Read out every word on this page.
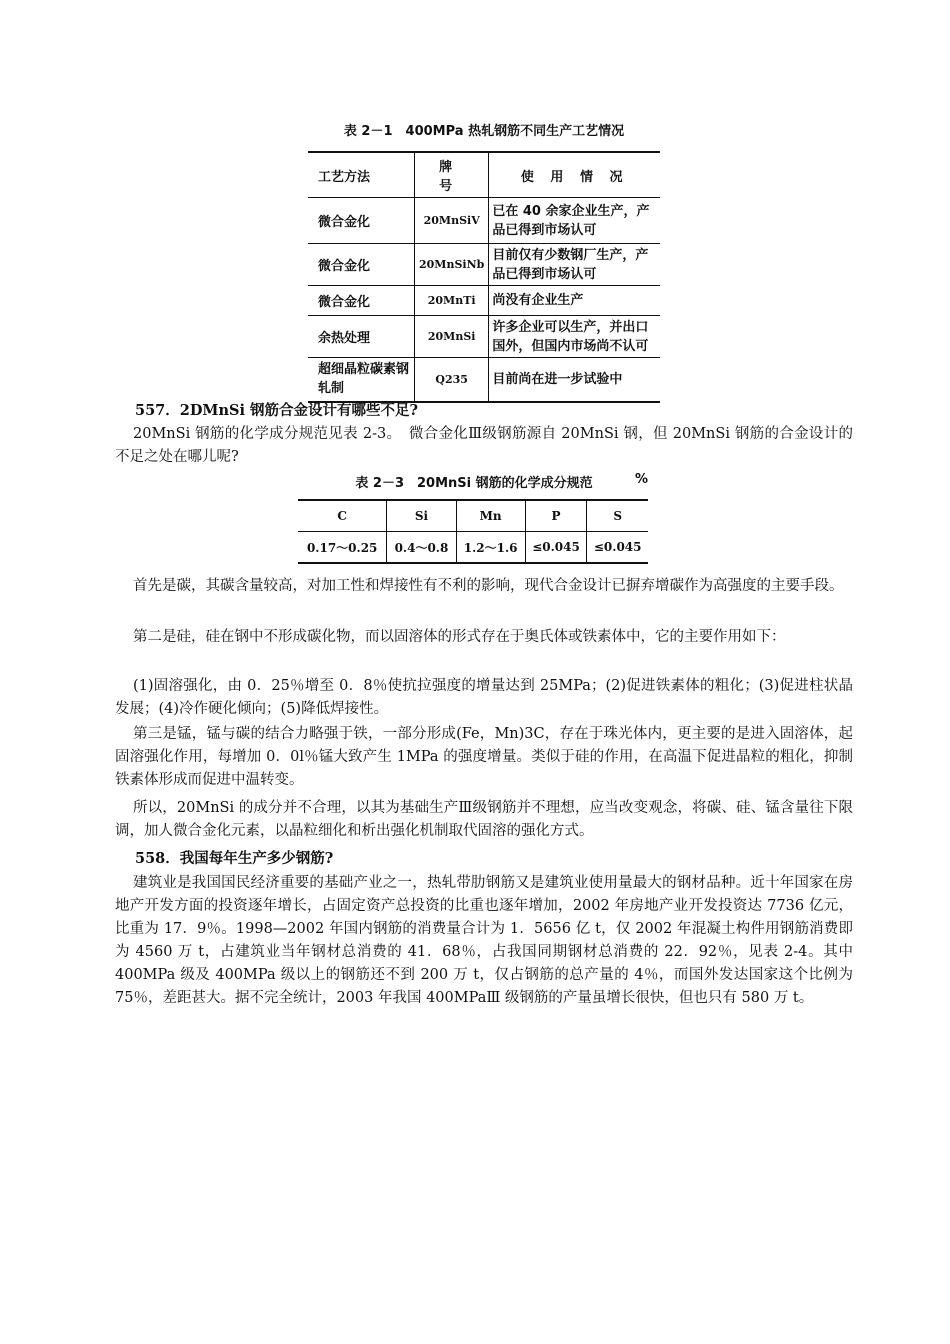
表 2－1　400MPa 热轧钢筋不同生产工艺情况
工艺方法	牌　号	使 用 情 况
微合金化	20MnSiV	已在 40 余家企业生产，产品已得到市场认可
微合金化	20MnSiNb	目前仅有少数钢厂生产，产品已得到市场认可
微合金化	20MnTi	尚没有企业生产
余热处理	20MnSi	许多企业可以生产，并出口国外，但国内市场尚不认可
超细晶粒碳素钢轧制	Q235	目前尚在进一步试验中
557．2DMnSi 钢筋合金设计有哪些不足?
20MnSi 钢筋的化学成分规范见表 2-3。　微合金化Ⅲ级钢筋源自 20MnSi 钢，但 20MnSi 钢筋的合金设计的不足之处在哪儿呢?
表 2－3　20MnSi 钢筋的化学成分规范	%
C	Si	Mn	P	S
0.17～0.25	0.4～0.8	1.2～1.6	≤0.045	≤0.045
首先是碳，其碳含量较高，对加工性和焊接性有不利的影响，现代合金设计已摒弃增碳作为高强度的主要手段。
第二是硅，硅在钢中不形成碳化物，而以固溶体的形式存在于奥氏体或铁素体中，它的主要作用如下：
(1)固溶强化，由 0．25％增至 0．8％使抗拉强度的增量达到 25MPa；(2)促进铁素体的粗化；(3)促进柱状晶发展；(4)冷作硬化倾向；(5)降低焊接性。
第三是锰，锰与碳的结合力略强于铁，一部分形成(Fe，Mn)3C，存在于珠光体内，更主要的是进入固溶体，起固溶强化作用，每增加 0．0l％锰大致产生 1MPa 的强度增量。类似于硅的作用，在高温下促进晶粒的粗化，抑制铁素体形成而促进中温转变。
所以，20MnSi 的成分并不合理，以其为基础生产Ⅲ级钢筋并不理想，应当改变观念，将碳、硅、锰含量往下限调，加人微合金化元素，以晶粒细化和析出强化机制取代固溶的强化方式。
558．我国每年生产多少钢筋?
建筑业是我国国民经济重要的基础产业之一，热轧带肋钢筋又是建筑业使用量最大的钢材品种。近十年国家在房地产开发方面的投资逐年增长，占固定资产总投资的比重也逐年增加，2002 年房地产业开发投资达 7736 亿元，比重为 17．9％。1998—2002 年国内钢筋的消费量合计为 1．5656 亿 t，仅 2002 年混凝土构件用钢筋消费即为 4560 万 t，占建筑业当年钢材总消费的 41．68％，占我国同期钢材总消费的 22．92％，见表 2-4。其中 400MPa 级及 400MPa 级以上的钢筋还不到 200 万 t，仅占钢筋的总产量的 4％，而国外发达国家这个比例为 75％，差距甚大。据不完全统计，2003 年我国 400MPaⅢ 级钢筋的产量虽增长很快，但也只有 580 万 t。
